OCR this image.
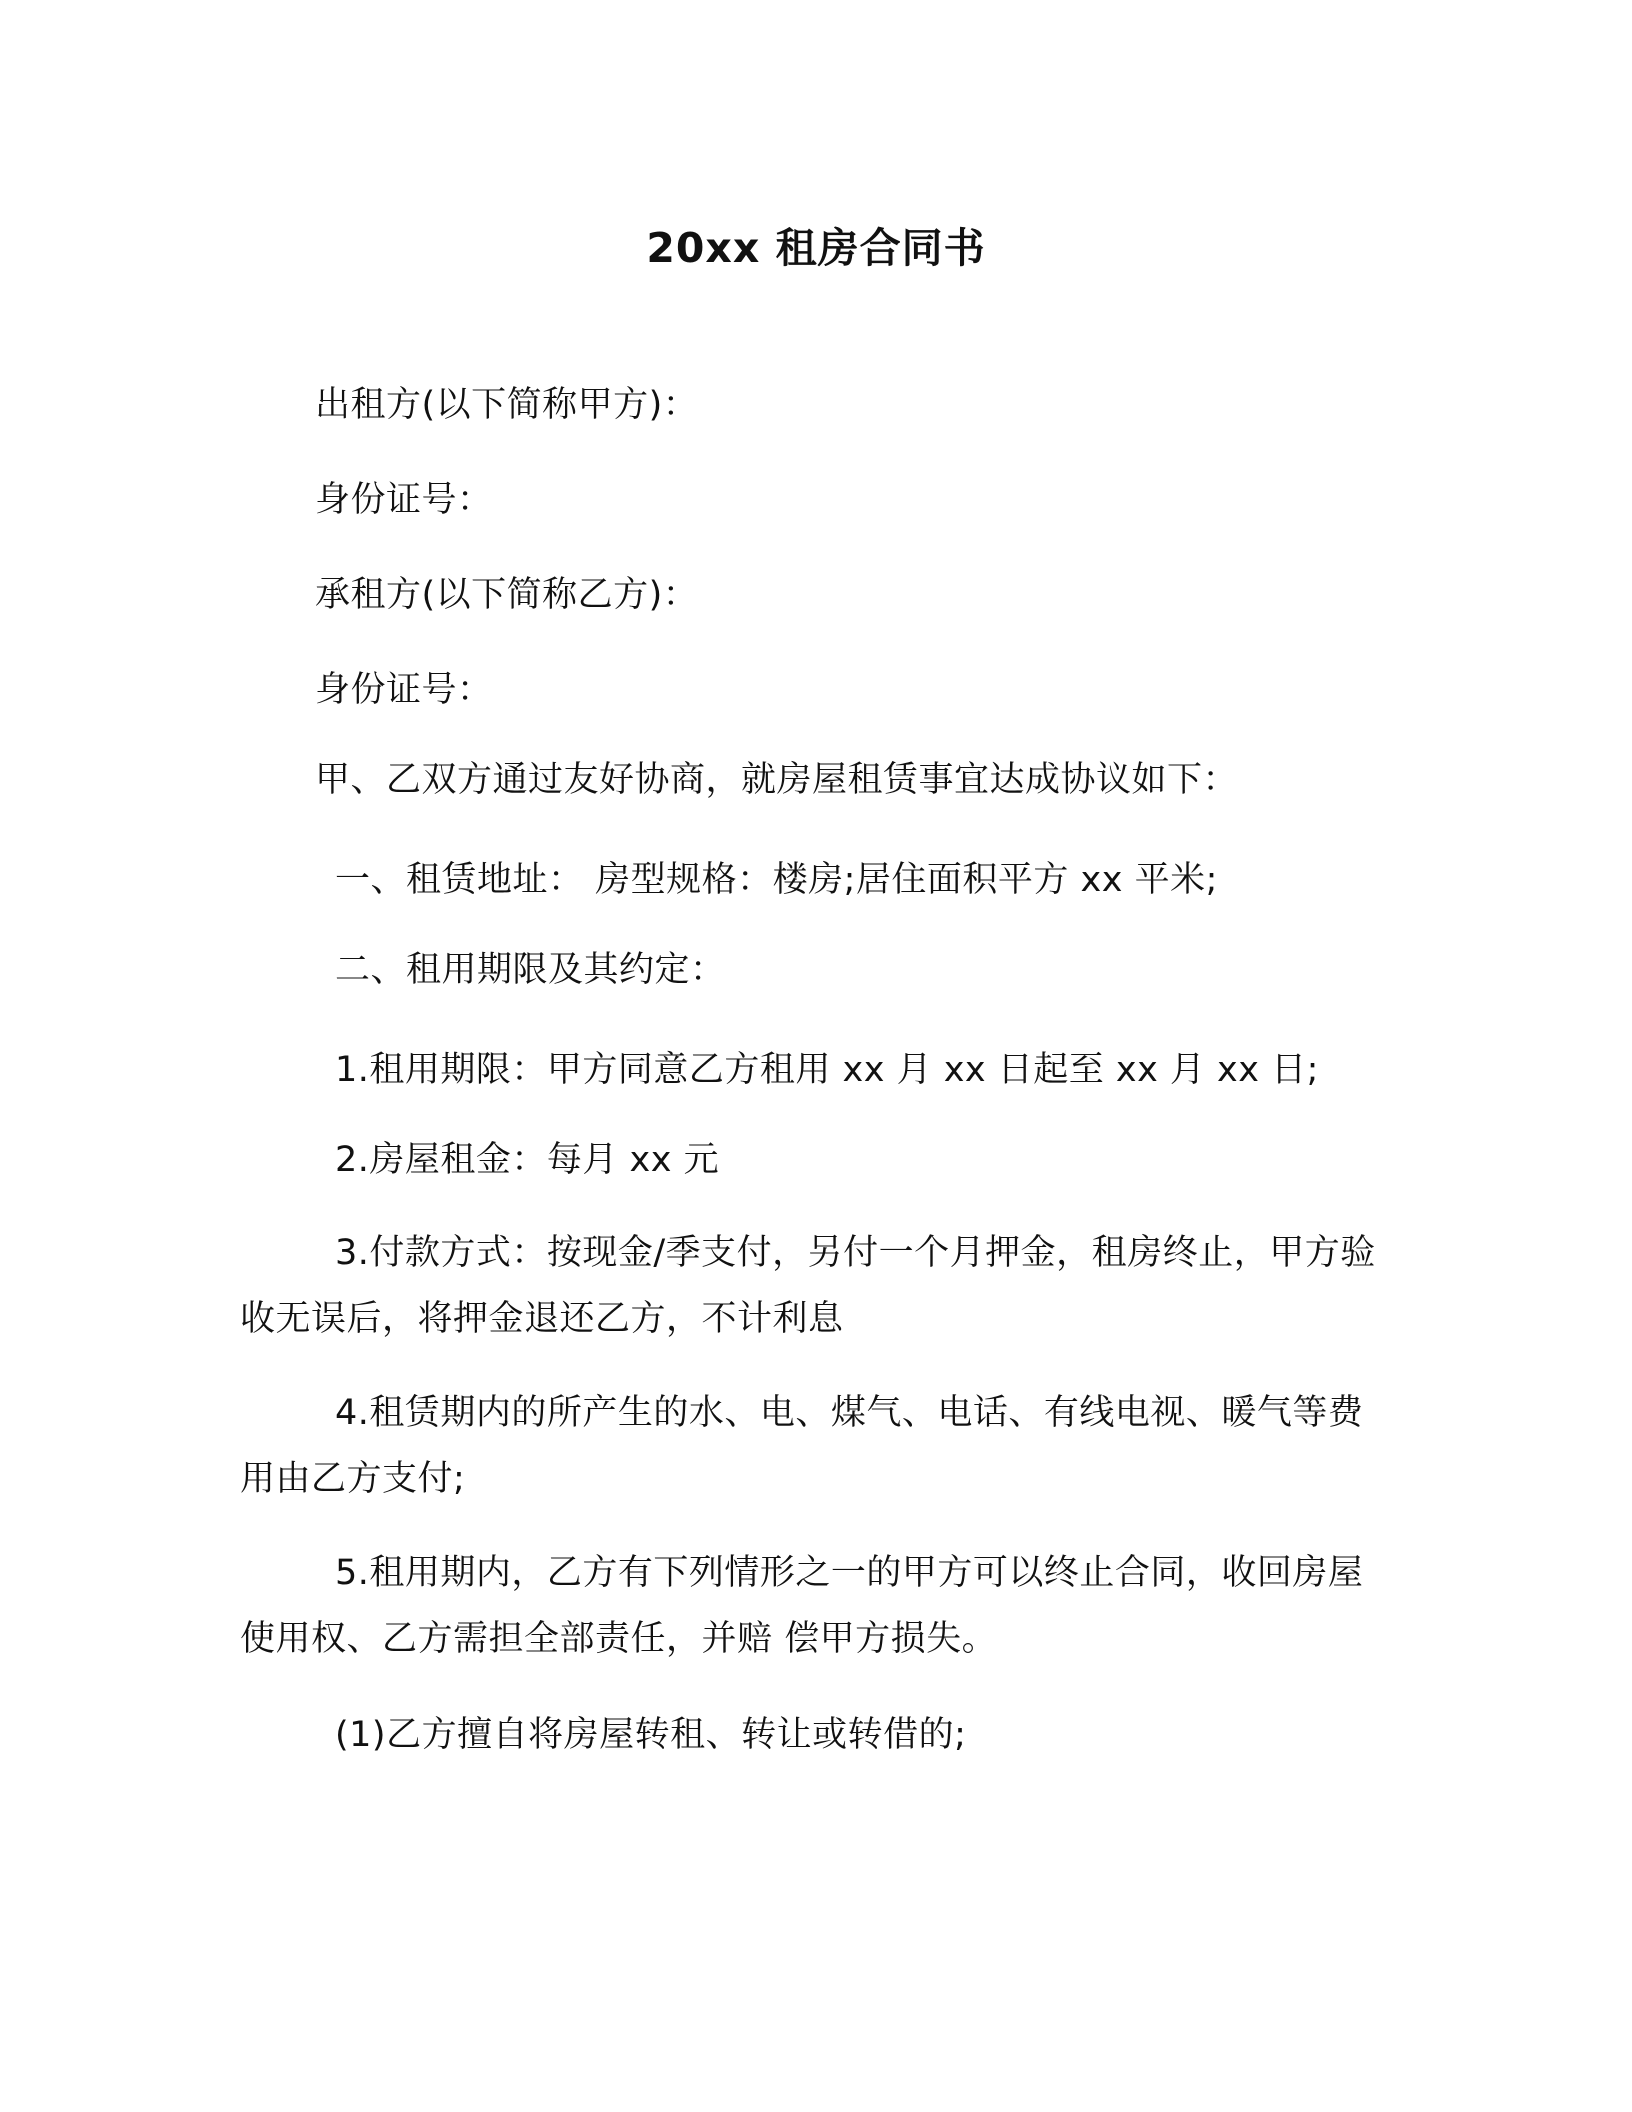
20xx 租房合同书
出租方(以下简称甲方)：
身份证号：
承租方(以下简称乙方)：
身份证号：
甲、乙双方通过友好协商，就房屋租赁事宜达成协议如下：
一、租赁地址： 房型规格：楼房;居住面积平方 xx 平米;
二、租用期限及其约定：
1.租用期限：甲方同意乙方租用 xx 月 xx 日起至 xx 月 xx 日;
2.房屋租金：每月 xx 元
3.付款方式：按现金/季支付，另付一个月押金，租房终止，甲方验收无误后，将押金退还乙方，不计利息
4.租赁期内的所产生的水、电、煤气、电话、有线电视、暖气等费用由乙方支付;
5.租用期内，乙方有下列情形之一的甲方可以终止合同，收回房屋使用权、乙方需担全部责任，并赔 偿甲方损失。
(1)乙方擅自将房屋转租、转让或转借的;
